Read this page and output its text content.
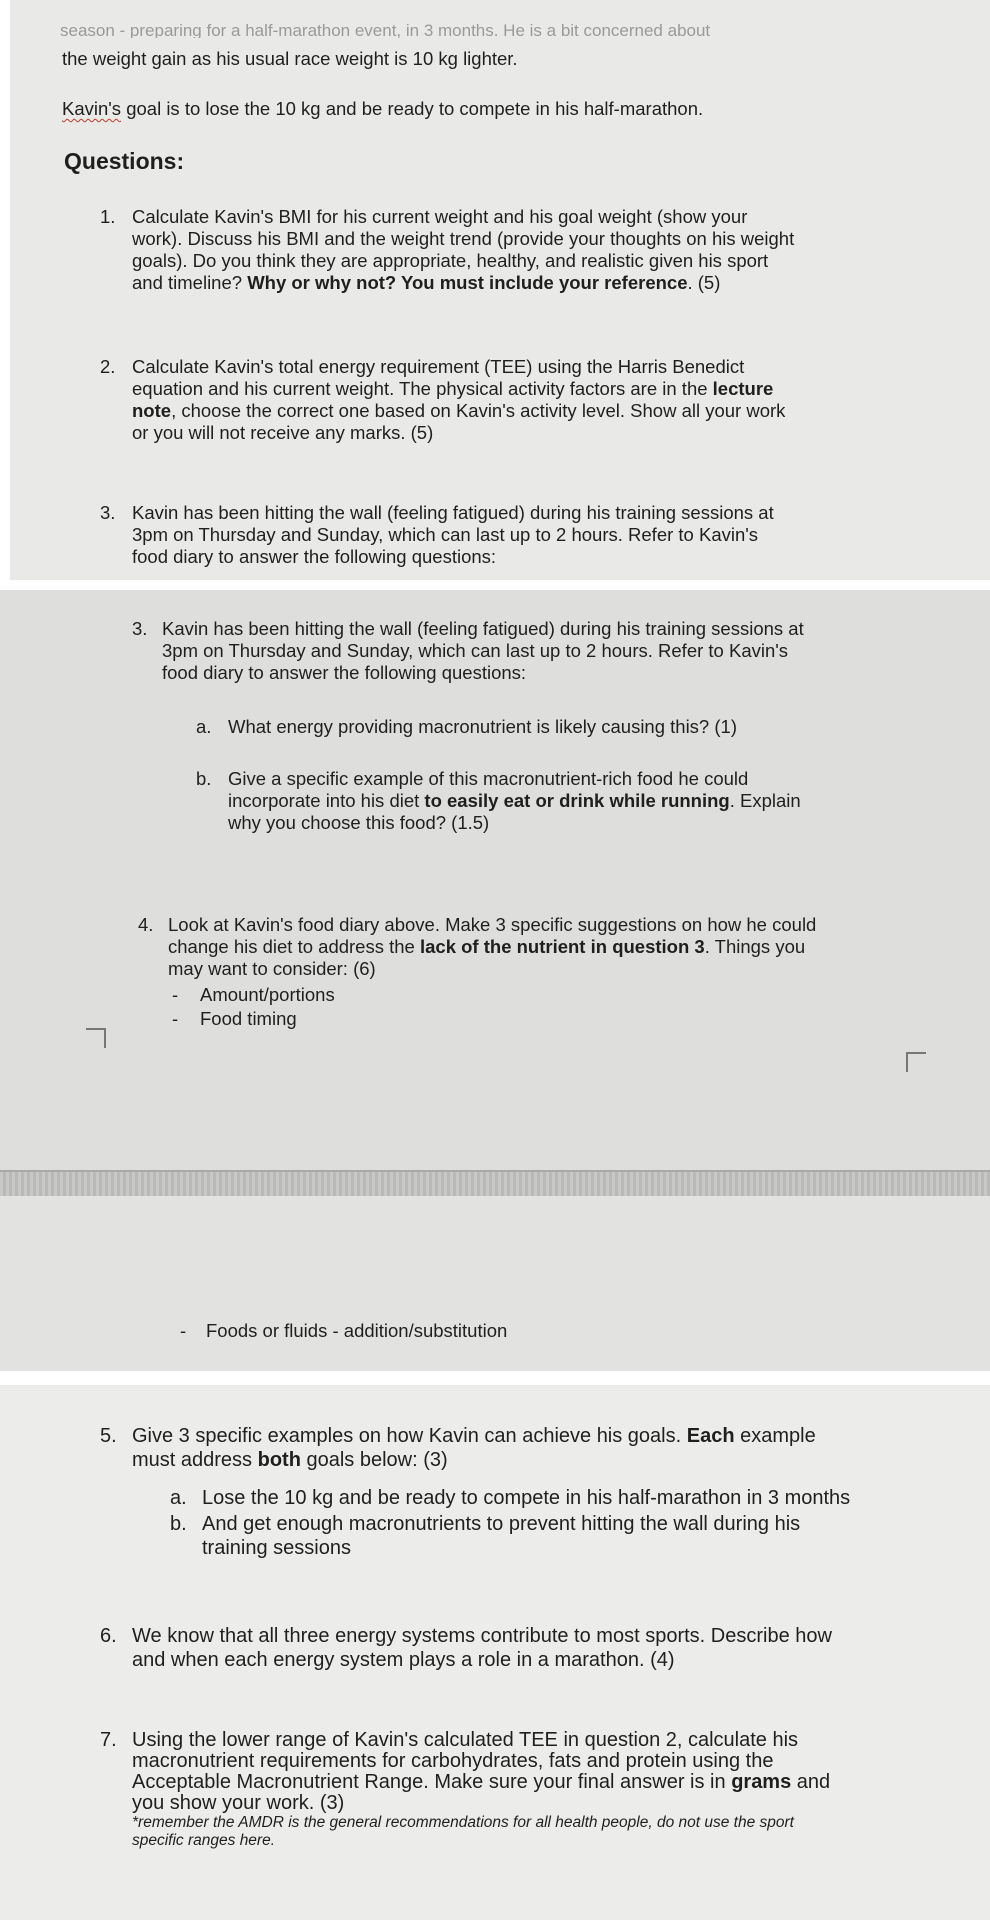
season - preparing for a half-marathon event, in 3 months. He is a bit concerned about
the weight gain as his usual race weight is 10 kg lighter.
Kavin's goal is to lose the 10 kg and be ready to compete in his half-marathon.
Questions:
1. Calculate Kavin's BMI for his current weight and his goal weight (show your
work). Discuss his BMI and the weight trend (provide your thoughts on his weight
goals). Do you think they are appropriate, healthy, and realistic given his sport
and timeline? Why or why not? You must include your reference. (5)
2. Calculate Kavin's total energy requirement (TEE) using the Harris Benedict
equation and his current weight. The physical activity factors are in the lecture
note, choose the correct one based on Kavin's activity level. Show all your work
or you will not receive any marks. (5)
3. Kavin has been hitting the wall (feeling fatigued) during his training sessions at
3pm on Thursday and Sunday, which can last up to 2 hours. Refer to Kavin's
food diary to answer the following questions:
3. Kavin has been hitting the wall (feeling fatigued) during his training sessions at
3pm on Thursday and Sunday, which can last up to 2 hours. Refer to Kavin's
food diary to answer the following questions:
a. What energy providing macronutrient is likely causing this? (1)
b. Give a specific example of this macronutrient-rich food he could
incorporate into his diet to easily eat or drink while running. Explain
why you choose this food? (1.5)
4. Look at Kavin's food diary above. Make 3 specific suggestions on how he could
change his diet to address the lack of the nutrient in question 3. Things you
may want to consider: (6)
- Amount/portions
- Food timing
- Foods or fluids - addition/substitution
5. Give 3 specific examples on how Kavin can achieve his goals. Each example
must address both goals below: (3)
a. Lose the 10 kg and be ready to compete in his half-marathon in 3 months
b. And get enough macronutrients to prevent hitting the wall during his
training sessions
6. We know that all three energy systems contribute to most sports. Describe how
and when each energy system plays a role in a marathon. (4)
7. Using the lower range of Kavin's calculated TEE in question 2, calculate his
macronutrient requirements for carbohydrates, fats and protein using the
Acceptable Macronutrient Range. Make sure your final answer is in grams and
you show your work. (3)
*remember the AMDR is the general recommendations for all health people, do not use the sport
specific ranges here.
